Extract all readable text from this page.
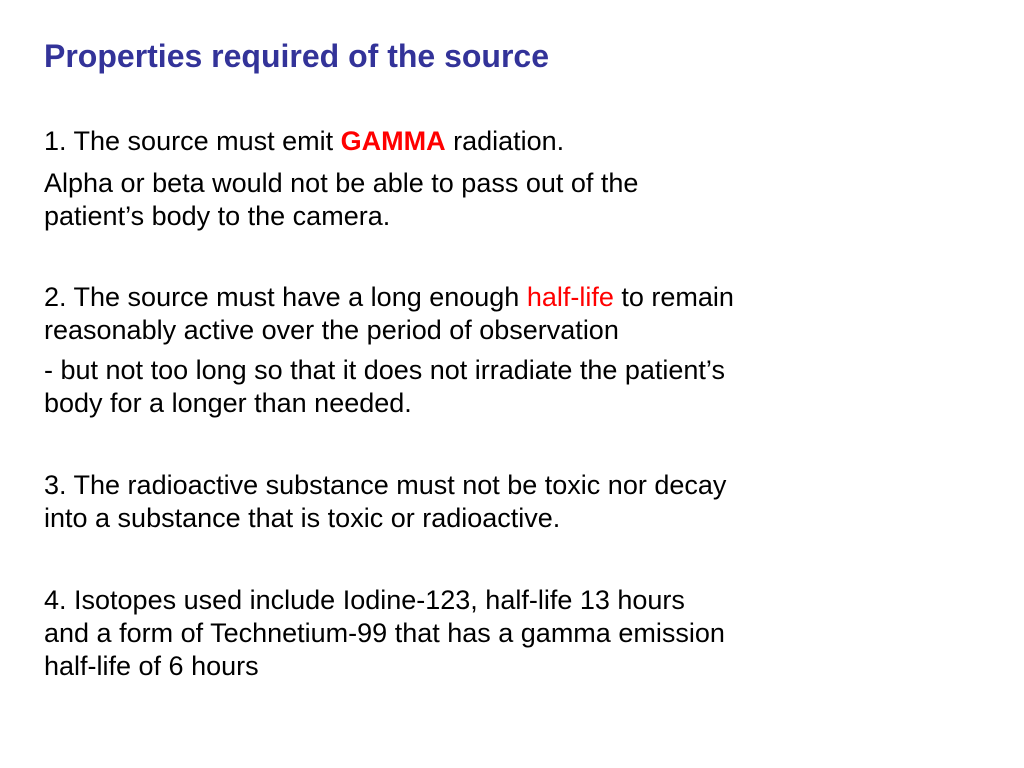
Properties required of the source

1. The source must emit GAMMA radiation.

Alpha or beta would not be able to pass out of the
patient’s body to the camera.

2. The source must have a long enough half-life to remain
reasonably active over the period of observation

- but not too long so that it does not irradiate the patient’s
body for a longer than needed.

3. The radioactive substance must not be toxic nor decay
into a substance that is toxic or radioactive.

4. Isotopes used include Iodine-123, half-life 13 hours
and a form of Technetium-99 that has a gamma emission
half-life of 6 hours
